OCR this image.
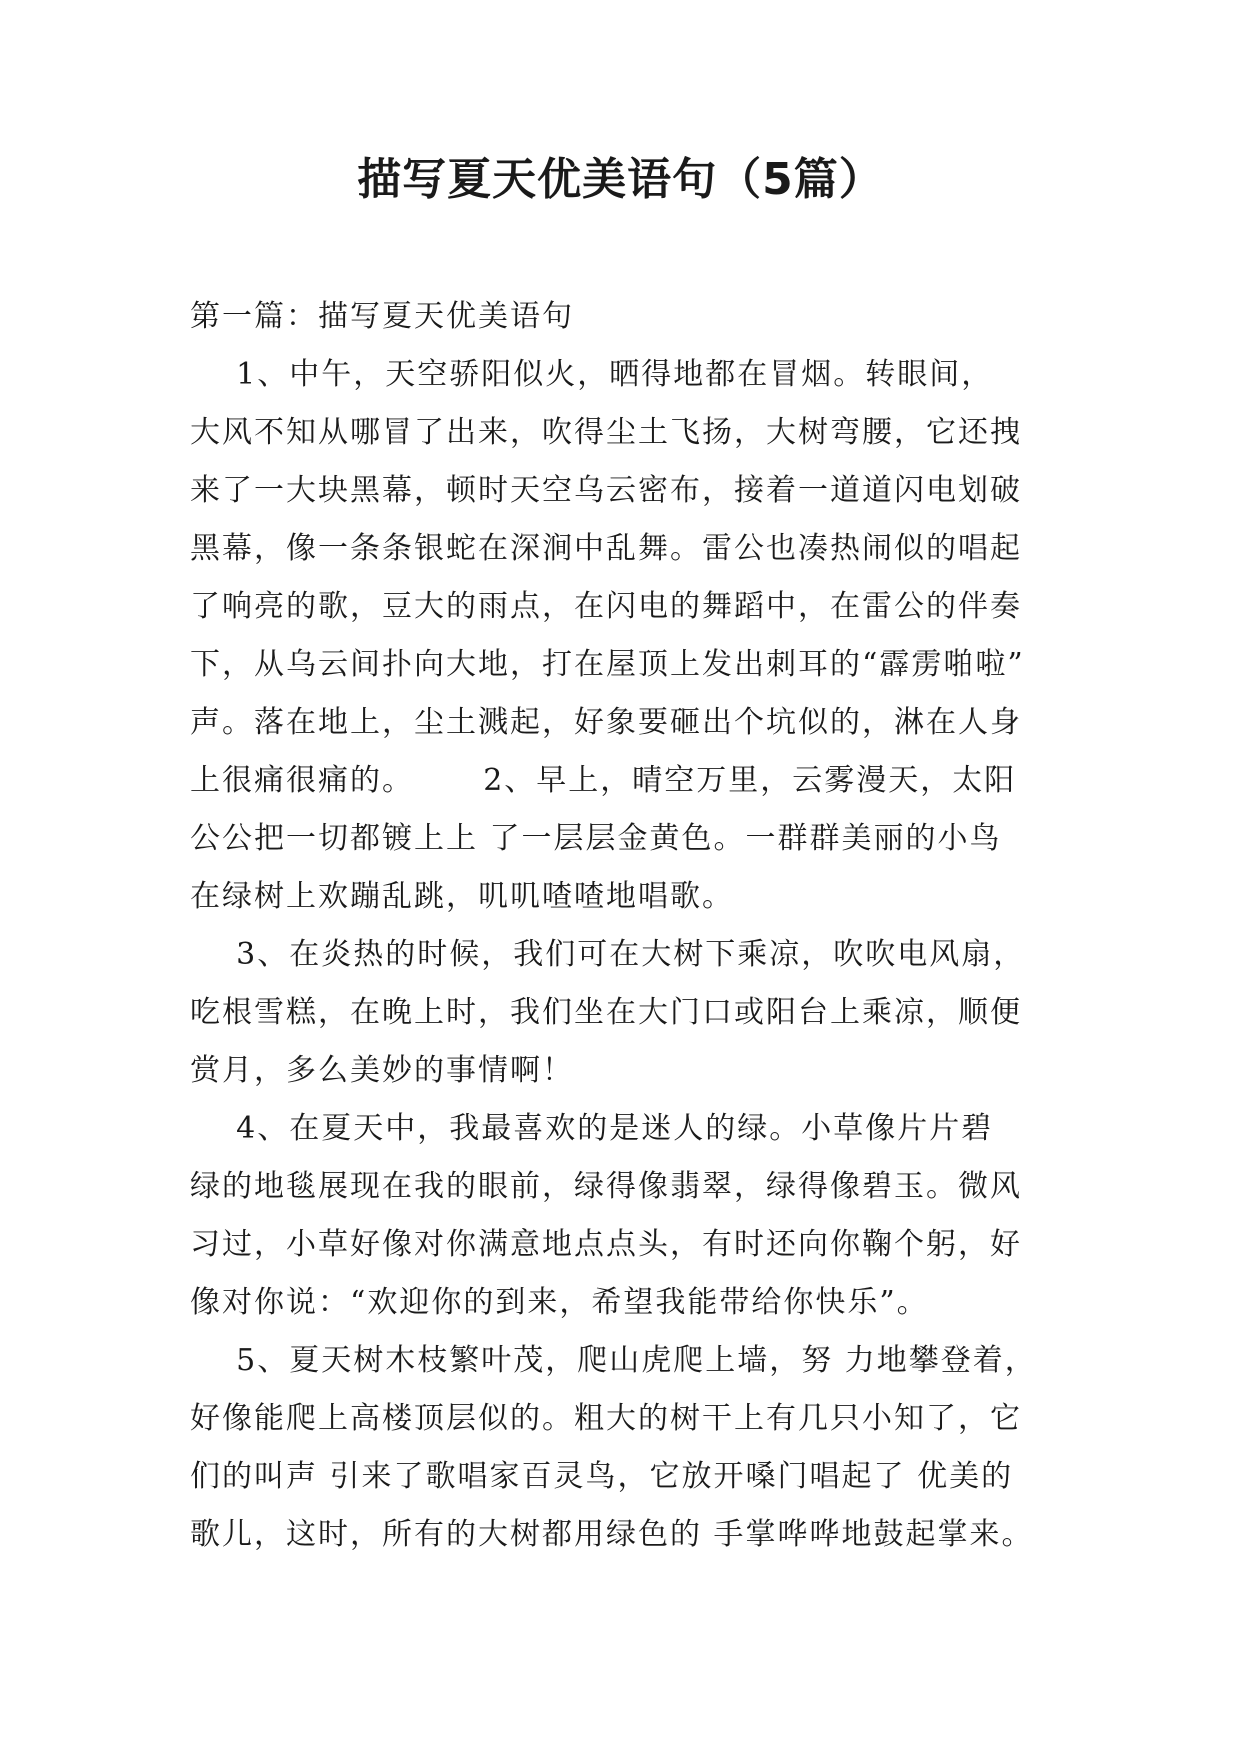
描写夏天优美语句（5篇）
第一篇：描写夏天优美语句
1、中午，天空骄阳似火，晒得地都在冒烟。转眼间，
大风不知从哪冒了出来，吹得尘土飞扬，大树弯腰，它还拽
来了一大块黑幕，顿时天空乌云密布，接着一道道闪电划破
黑幕，像一条条银蛇在深涧中乱舞。雷公也凑热闹似的唱起
了响亮的歌，豆大的雨点，在闪电的舞蹈中，在雷公的伴奏
下，从乌云间扑向大地，打在屋顶上发出刺耳的“霹雳啪啦”
声。落在地上，尘土溅起，好象要砸出个坑似的，淋在人身
上很痛很痛的。      2、早上，晴空万里，云雾漫天，太阳
公公把一切都镀上上 了一层层金黄色。一群群美丽的小鸟
在绿树上欢蹦乱跳，叽叽喳喳地唱歌。
3、在炎热的时候，我们可在大树下乘凉，吹吹电风扇，
吃根雪糕，在晚上时，我们坐在大门口或阳台上乘凉，顺便
赏月，多么美妙的事情啊！
4、在夏天中，我最喜欢的是迷人的绿。小草像片片碧
绿的地毯展现在我的眼前，绿得像翡翠，绿得像碧玉。微风
习过，小草好像对你满意地点点头，有时还向你鞠个躬，好
像对你说：“欢迎你的到来，希望我能带给你快乐”。
5、夏天树木枝繁叶茂，爬山虎爬上墙，努 力地攀登着，
好像能爬上高楼顶层似的。粗大的树干上有几只小知了，它
们的叫声 引来了歌唱家百灵鸟，它放开嗓门唱起了 优美的
歌儿，这时，所有的大树都用绿色的 手掌哗哗地鼓起掌来。
